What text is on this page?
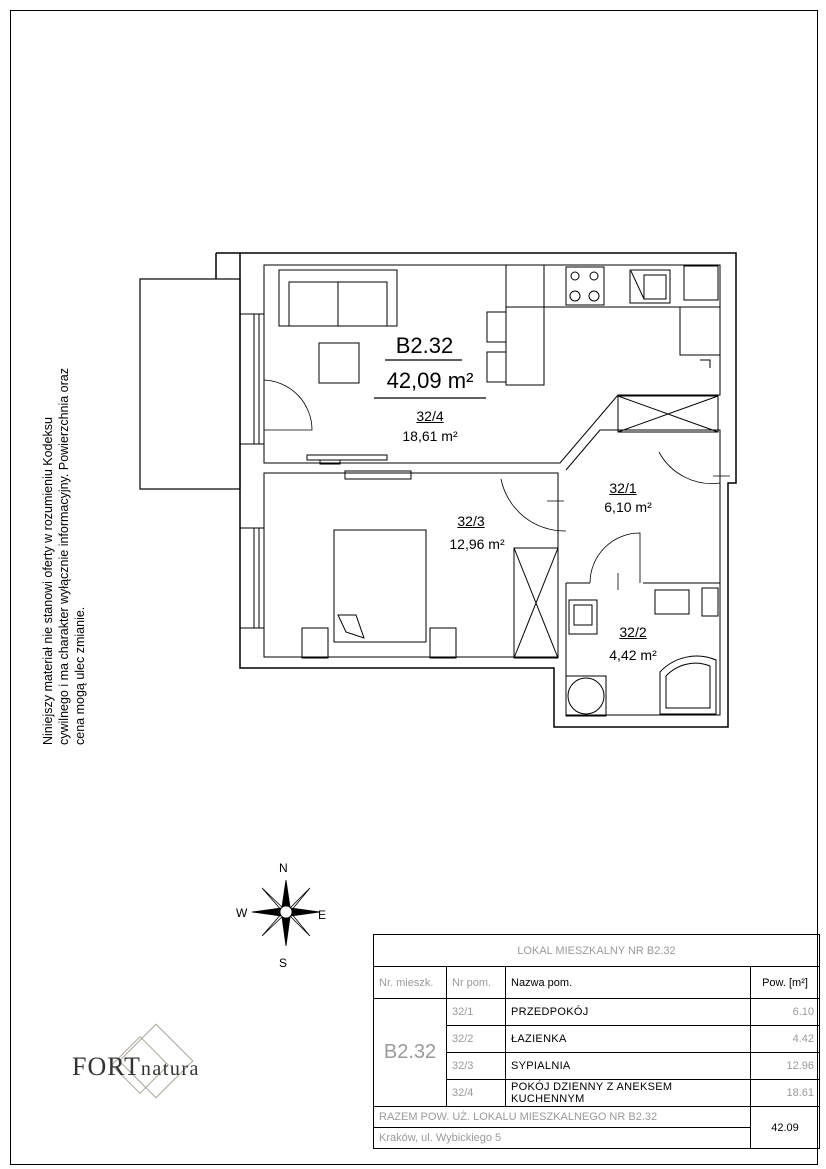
B2.32
42,09 m²
32/4
18,61 m²
32/3
12,96 m²
32/1
6,10 m²
32/2
4,42 m²
Niniejszy materiał nie stanowi oferty w rozumieniu Kodeksu cywilnego i ma charakter wyłącznie informacyjny. Powierzchnia oraz cena mogą ulec zmianie.
N
S
W	E
FORTnatura
LOKAL MIESZKALNY NR B2.32			
Nr. mieszk.	Nr pom.	Nazwa pom.	Pow. [m²]
B2.32	32/1	PRZEDPOKÓJ	6.10
	32/2	ŁAZIENKA	4.42
	32/3	SYPIALNIA	12.96
	32/4	POKÓJ DZIENNY Z ANEKSEM KUCHENNYM	18.61
RAZEM POW. UŻ. LOKALU MIESZKALNEGO NR B2.32			42.09
Kraków, ul. Wybickiego 5			
